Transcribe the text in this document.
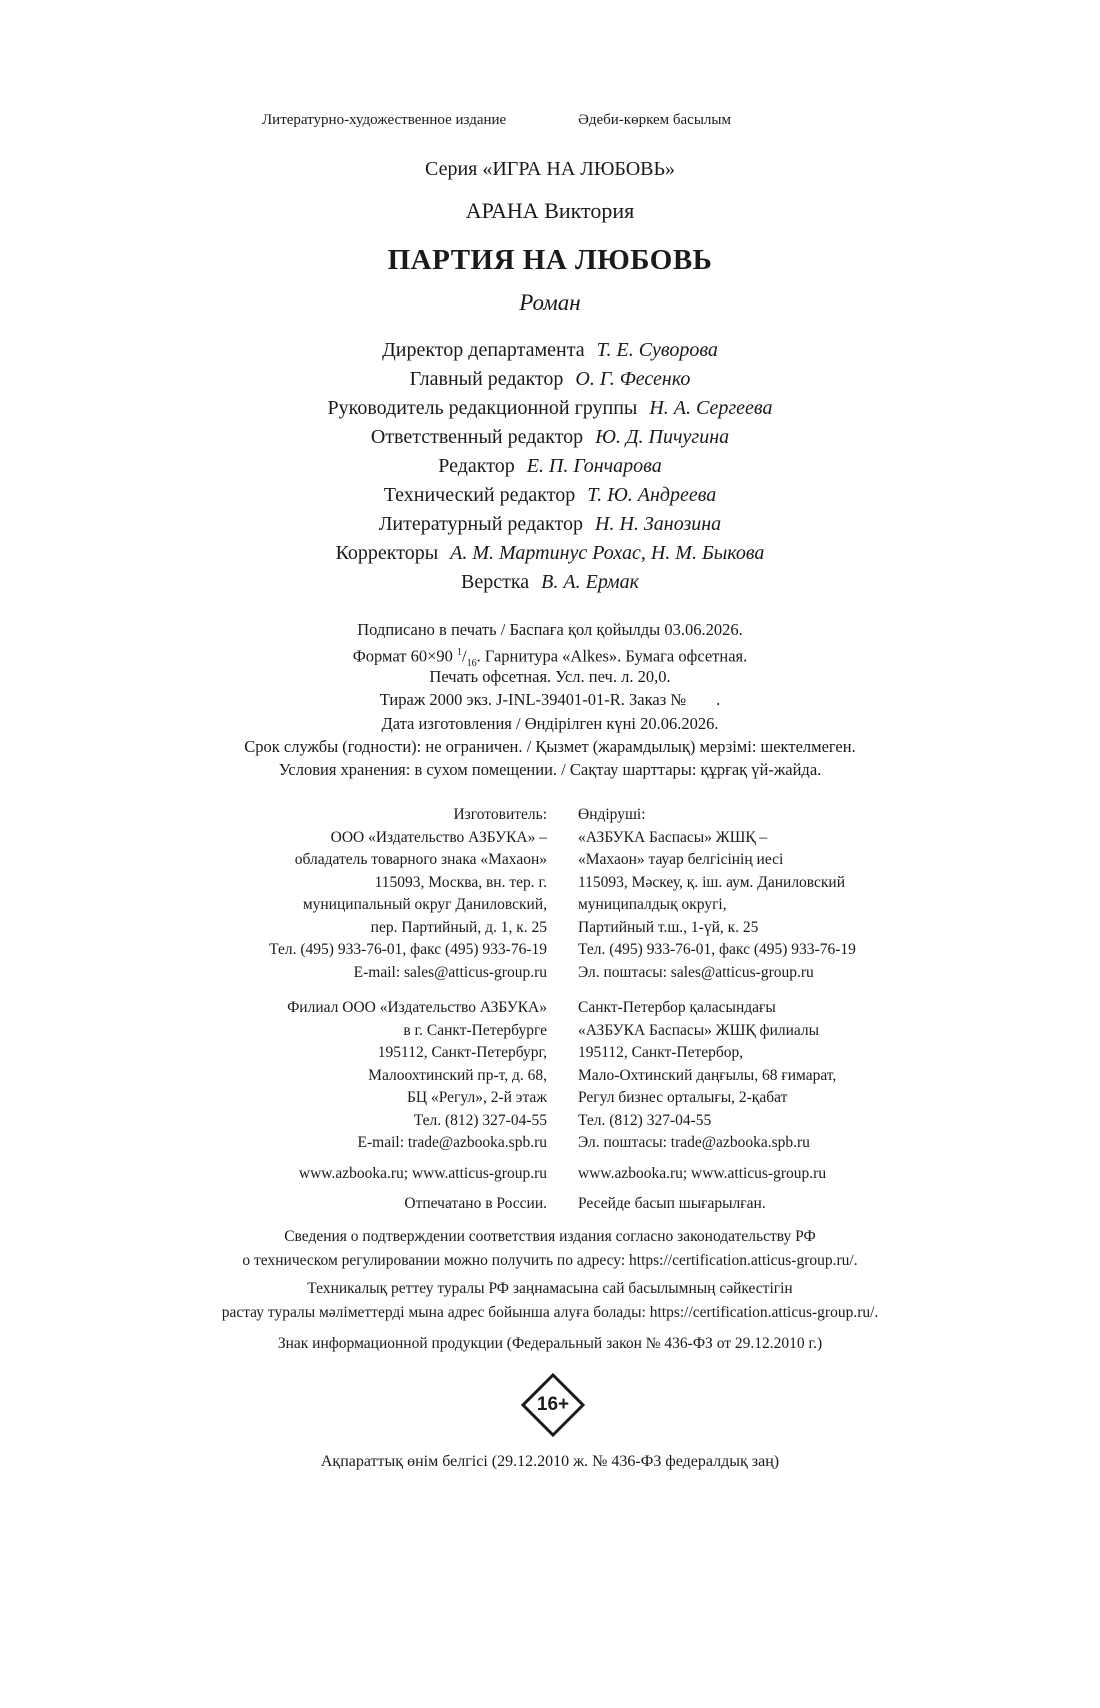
Литературно-художественное издание	Әдеби-көркем басылым
Серия «ИГРА НА ЛЮБОВЬ»
АРАНА Виктория
ПАРТИЯ НА ЛЮБОВЬ
Роман
Директор департамента Т. Е. Суворова
Главный редактор О. Г. Фесенко
Руководитель редакционной группы Н. А. Сергеева
Ответственный редактор Ю. Д. Пичугина
Редактор Е. П. Гончарова
Технический редактор Т. Ю. Андреева
Литературный редактор Н. Н. Занозина
Корректоры А. М. Мартинус Рохас, Н. М. Быкова
Верстка В. А. Ермак
Подписано в печать / Баспаға қол қойылды 03.06.2026.
Формат 60×90 $^1/_{16}$. Гарнитура «Alkes». Бумага офсетная.
Печать офсетная. Усл. печ. л. 20,0.
Тираж 2000 экз. J-INL-39401-01-R. Заказ № .
Дата изготовления / Өндірілген күні 20.06.2026.
Срок службы (годности): не ограничен. / Қызмет (жарамдылық) мерзімі: шектелмеген.
Условия хранения: в сухом помещении. / Сақтау шарттары: құрғақ үй-жайда.
Изготовитель:
ООО «Издательство АЗБУКА» –
обладатель товарного знака «Махаон»
115093, Москва, вн. тер. г.
муниципальный округ Даниловский,
пер. Партийный, д. 1, к. 25
Тел. (495) 933-76-01, факс (495) 933-76-19
E-mail: sales@atticus-group.ru
Өндіруші:
«АЗБУКА Баспасы» ЖШҚ –
«Махаон» тауар белгісінің иесі
115093, Мәскеу, қ. іш. аум. Даниловский
муниципалдық округі,
Партийный т.ш., 1-үй, к. 25
Тел. (495) 933-76-01, факс (495) 933-76-19
Эл. поштасы: sales@atticus-group.ru
Филиал ООО «Издательство АЗБУКА»
в г. Санкт-Петербурге
195112, Санкт-Петербург,
Малоохтинский пр-т, д. 68,
БЦ «Регул», 2-й этаж
Тел. (812) 327-04-55
E-mail: trade@azbooka.spb.ru
Санкт-Петербор қаласындағы
«АЗБУКА Баспасы» ЖШҚ филиалы
195112, Санкт-Петербор,
Мало-Охтинский даңғылы, 68 ғимарат,
Регул бизнес орталығы, 2-қабат
Тел. (812) 327-04-55
Эл. поштасы: trade@azbooka.spb.ru
www.azbooka.ru; www.atticus-group.ru www.azbooka.ru; www.atticus-group.ru
Отпечатано в России. Ресейде басып шығарылған.
Сведения о подтверждении соответствия издания согласно законодательству РФ
о техническом регулировании можно получить по адресу: https://certification.atticus-group.ru/.
Техникалық реттеу туралы РФ заңнамасына сай басылымның сәйкестігін
растау туралы мәліметтерді мына адрес бойынша алуға болады: https://certification.atticus-group.ru/.
Знак информационной продукции (Федеральный закон № 436-ФЗ от 29.12.2010 г.)
16+
Ақпараттық өнім белгісі (29.12.2010 ж. № 436-ФЗ федералдық заң)
